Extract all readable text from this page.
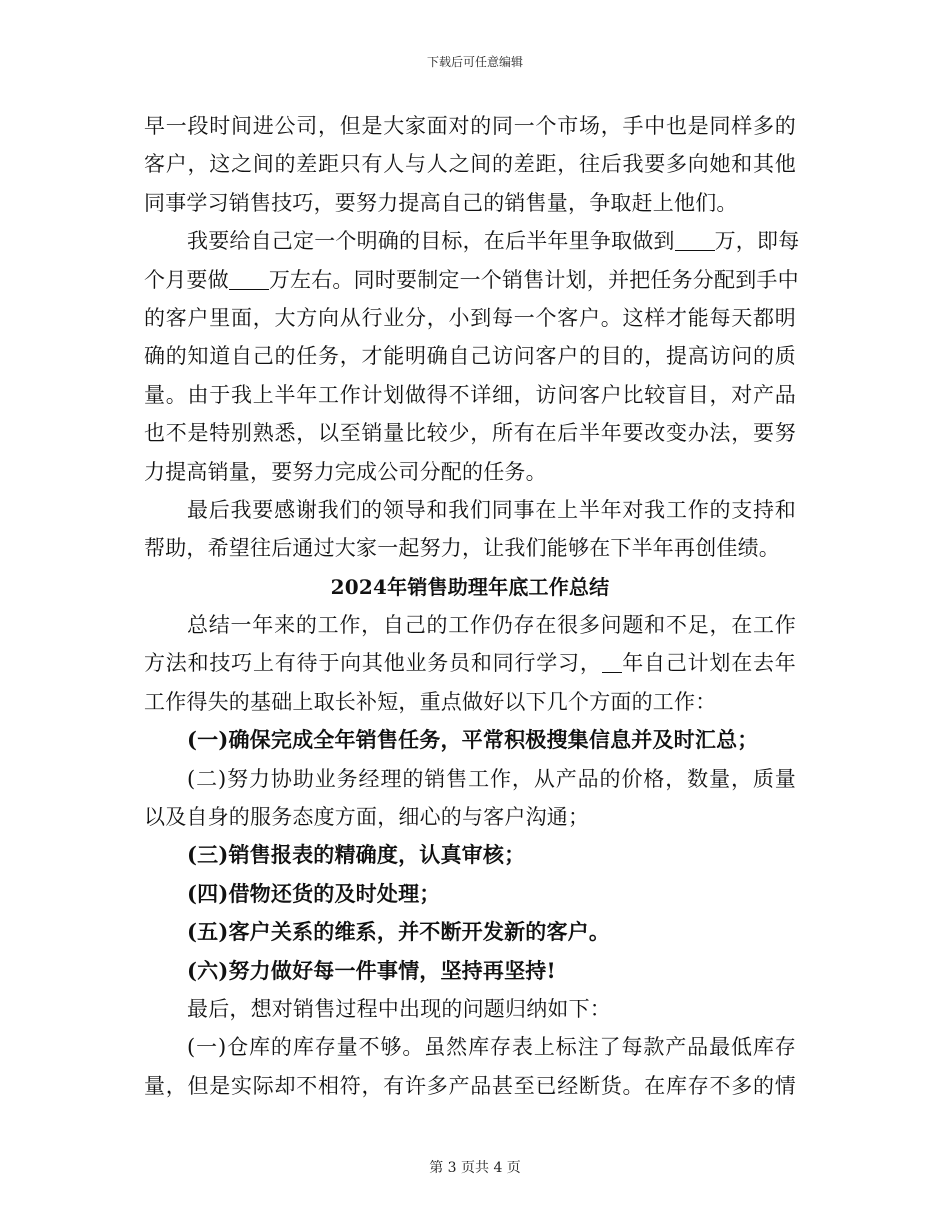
下载后可任意编辑
早一段时间进公司，但是大家面对的同一个市场，手中也是同样多的
客户，这之间的差距只有人与人之间的差距，往后我要多向她和其他
同事学习销售技巧，要努力提高自己的销售量，争取赶上他们。
我要给自己定一个明确的目标，在后半年里争取做到 万，即每
个月要做 万左右。同时要制定一个销售计划，并把任务分配到手中
的客户里面，大方向从行业分，小到每一个客户。这样才能每天都明
确的知道自己的任务，才能明确自己访问客户的目的，提高访问的质
量。由于我上半年工作计划做得不详细，访问客户比较盲目，对产品
也不是特别熟悉，以至销量比较少，所有在后半年要改变办法，要努
力提高销量，要努力完成公司分配的任务。
最后我要感谢我们的领导和我们同事在上半年对我工作的支持和
帮助，希望往后通过大家一起努力，让我们能够在下半年再创佳绩。
2024年销售助理年底工作总结
总结一年来的工作，自己的工作仍存在很多问题和不足，在工作
方法和技巧上有待于向其他业务员和同行学习， 年自己计划在去年
工作得失的基础上取长补短，重点做好以下几个方面的工作：
(一)确保完成全年销售任务，平常积极搜集信息并及时汇总；
(二)努力协助业务经理的销售工作，从产品的价格，数量，质量
以及自身的服务态度方面，细心的与客户沟通；
(三)销售报表的精确度，认真审核；
(四)借物还货的及时处理；
(五)客户关系的维系，并不断开发新的客户。
(六)努力做好每一件事情，坚持再坚持!
最后，想对销售过程中出现的问题归纳如下：
(一)仓库的库存量不够。虽然库存表上标注了每款产品最低库存
量，但是实际却不相符，有许多产品甚至已经断货。在库存不多的情
第 3 页共 4 页
